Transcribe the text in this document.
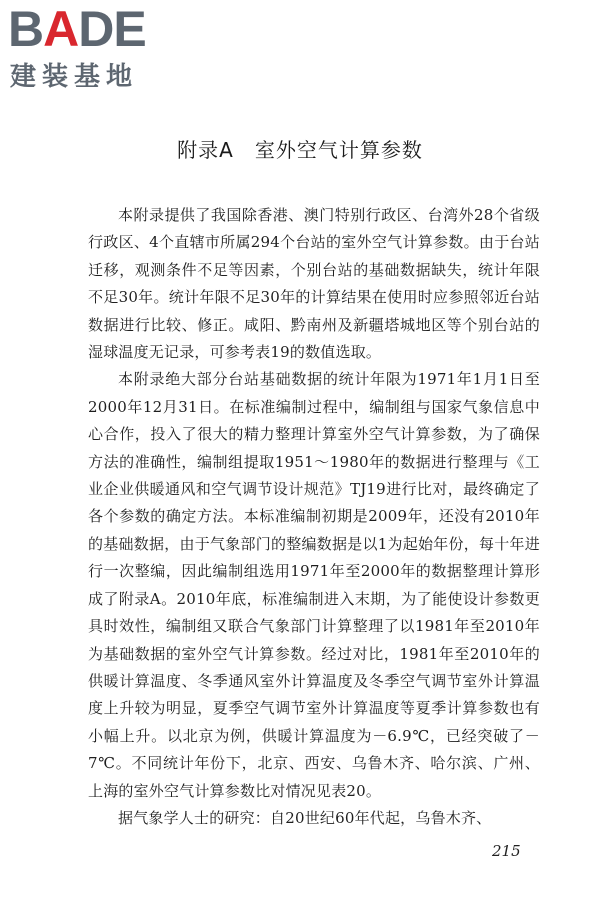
BADE
建装基地
附录A　室外空气计算参数

本附录提供了我国除香港、澳门特别行政区、台湾外28个省级行政区、4个直辖市所属294个台站的室外空气计算参数。由于台站迁移，观测条件不足等因素，个别台站的基础数据缺失，统计年限不足30年。统计年限不足30年的计算结果在使用时应参照邻近台站数据进行比较、修正。咸阳、黔南州及新疆塔城地区等个别台站的湿球温度无记录，可参考表19的数值选取。

本附录绝大部分台站基础数据的统计年限为1971年1月1日至2000年12月31日。在标准编制过程中，编制组与国家气象信息中心合作，投入了很大的精力整理计算室外空气计算参数，为了确保方法的准确性，编制组提取1951～1980年的数据进行整理与《工业企业供暖通风和空气调节设计规范》TJ19进行比对，最终确定了各个参数的确定方法。本标准编制初期是2009年，还没有2010年的基础数据，由于气象部门的整编数据是以1为起始年份，每十年进行一次整编，因此编制组选用1971年至2000年的数据整理计算形成了附录A。2010年底，标准编制进入末期，为了能使设计参数更具时效性，编制组又联合气象部门计算整理了以1981年至2010年为基础数据的室外空气计算参数。经过对比，1981年至2010年的供暖计算温度、冬季通风室外计算温度及冬季空气调节室外计算温度上升较为明显，夏季空气调节室外计算温度等夏季计算参数也有小幅上升。以北京为例，供暖计算温度为－6.9℃，已经突破了－7℃。不同统计年份下，北京、西安、乌鲁木齐、哈尔滨、广州、上海的室外空气计算参数比对情况见表20。

据气象学人士的研究：自20世纪60年代起，乌鲁木齐、

215
